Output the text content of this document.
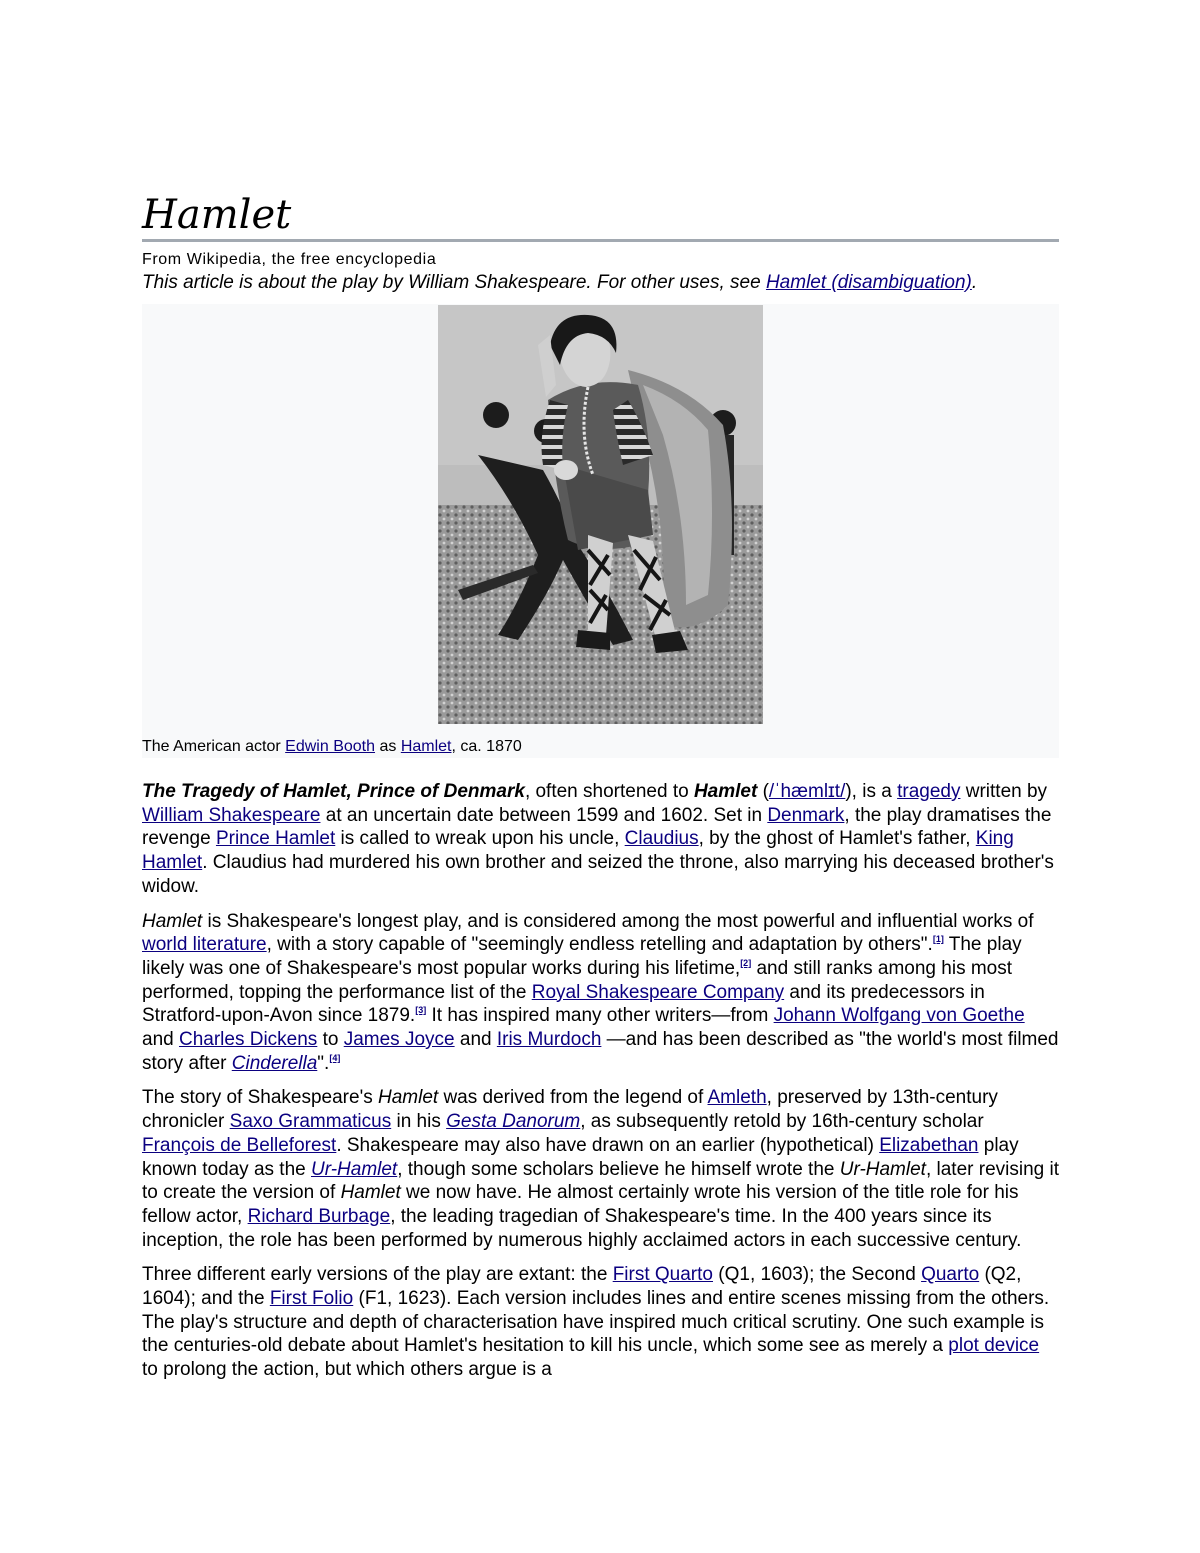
Hamlet
From Wikipedia, the free encyclopedia
This article is about the play by William Shakespeare. For other uses, see Hamlet (disambiguation).
The American actor Edwin Booth as Hamlet, ca. 1870

The Tragedy of Hamlet, Prince of Denmark, often shortened to Hamlet (/ˈhæmlɪt/), is a tragedy written by William Shakespeare at an uncertain date between 1599 and 1602. Set in Denmark, the play dramatises the revenge Prince Hamlet is called to wreak upon his uncle, Claudius, by the ghost of Hamlet's father, King Hamlet. Claudius had murdered his own brother and seized the throne, also marrying his deceased brother's widow.

Hamlet is Shakespeare's longest play, and is considered among the most powerful and influential works of world literature, with a story capable of "seemingly endless retelling and adaptation by others".[1] The play likely was one of Shakespeare's most popular works during his lifetime,[2] and still ranks among his most performed, topping the performance list of the Royal Shakespeare Company and its predecessors in Stratford-upon-Avon since 1879.[3] It has inspired many other writers—from Johann Wolfgang von Goethe and Charles Dickens to James Joyce and Iris Murdoch —and has been described as "the world's most filmed story after Cinderella".[4]

The story of Shakespeare's Hamlet was derived from the legend of Amleth, preserved by 13th-century chronicler Saxo Grammaticus in his Gesta Danorum, as subsequently retold by 16th-century scholar François de Belleforest. Shakespeare may also have drawn on an earlier (hypothetical) Elizabethan play known today as the Ur-Hamlet, though some scholars believe he himself wrote the Ur-Hamlet, later revising it to create the version of Hamlet we now have. He almost certainly wrote his version of the title role for his fellow actor, Richard Burbage, the leading tragedian of Shakespeare's time. In the 400 years since its inception, the role has been performed by numerous highly acclaimed actors in each successive century.

Three different early versions of the play are extant: the First Quarto (Q1, 1603); the Second Quarto (Q2, 1604); and the First Folio (F1, 1623). Each version includes lines and entire scenes missing from the others. The play's structure and depth of characterisation have inspired much critical scrutiny. One such example is the centuries-old debate about Hamlet's hesitation to kill his uncle, which some see as merely a plot device to prolong the action, but which others argue is a
